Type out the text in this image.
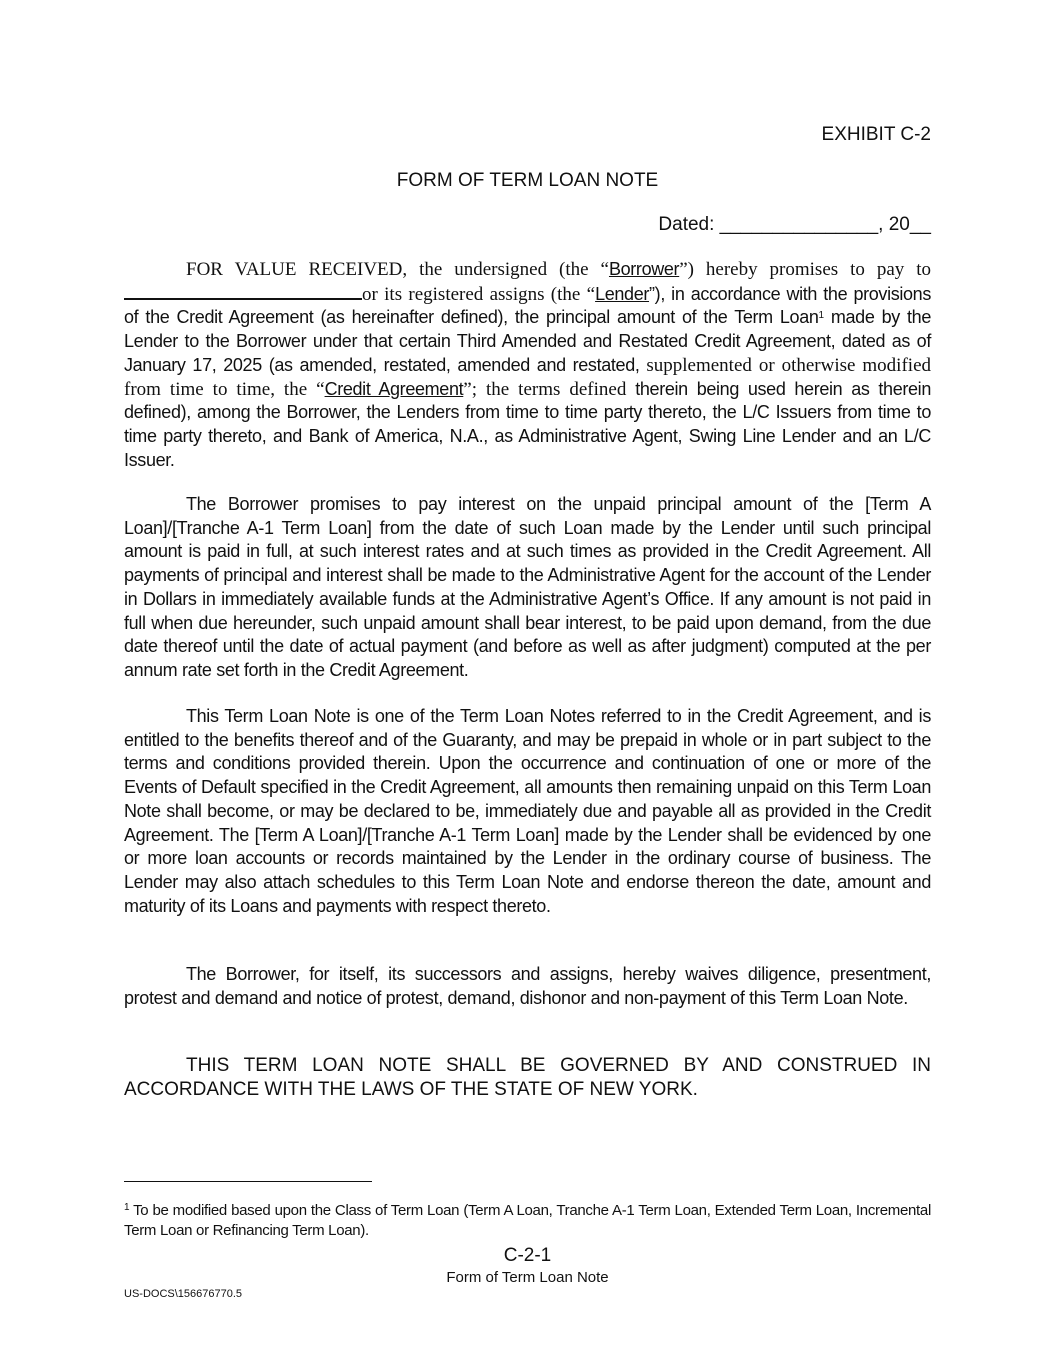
EXHIBIT C-2
FORM OF TERM LOAN NOTE
Dated: _______________, 20__

FOR VALUE RECEIVED, the undersigned (the “Borrower”) hereby promises to pay to or its registered assigns (the “Lender”), in accordance with the provisions of the Credit Agreement (as hereinafter defined), the principal amount of the Term Loan$^1$ made by the Lender to the Borrower under that certain Third Amended and Restated Credit Agreement, dated as of January 17, 2025 (as amended, restated, amended and restated, supplemented or otherwise modified from time to time, the “Credit Agreement”; the terms defined therein being used herein as therein defined), among the Borrower, the Lenders from time to time party thereto, the L/C Issuers from time to time party thereto, and Bank of America, N.A., as Administrative Agent, Swing Line Lender and an L/C Issuer.

The Borrower promises to pay interest on the unpaid principal amount of the [Term A Loan]/[Tranche A-1 Term Loan] from the date of such Loan made by the Lender until such principal amount is paid in full, at such interest rates and at such times as provided in the Credit Agreement. All payments of principal and interest shall be made to the Administrative Agent for the account of the Lender in Dollars in immediately available funds at the Administrative Agent’s Office. If any amount is not paid in full when due hereunder, such unpaid amount shall bear interest, to be paid upon demand, from the due date thereof until the date of actual payment (and before as well as after judgment) computed at the per annum rate set forth in the Credit Agreement.

This Term Loan Note is one of the Term Loan Notes referred to in the Credit Agreement, and is entitled to the benefits thereof and of the Guaranty, and may be prepaid in whole or in part subject to the terms and conditions provided therein. Upon the occurrence and continuation of one or more of the Events of Default specified in the Credit Agreement, all amounts then remaining unpaid on this Term Loan Note shall become, or may be declared to be, immediately due and payable all as provided in the Credit Agreement. The [Term A Loan]/[Tranche A-1 Term Loan] made by the Lender shall be evidenced by one or more loan accounts or records maintained by the Lender in the ordinary course of business. The Lender may also attach schedules to this Term Loan Note and endorse thereon the date, amount and maturity of its Loans and payments with respect thereto.

The Borrower, for itself, its successors and assigns, hereby waives diligence, presentment, protest and demand and notice of protest, demand, dishonor and non-payment of this Term Loan Note.

THIS TERM LOAN NOTE SHALL BE GOVERNED BY AND CONSTRUED IN ACCORDANCE WITH THE LAWS OF THE STATE OF NEW YORK.

$^1$ To be modified based upon the Class of Term Loan (Term A Loan, Tranche A-1 Term Loan, Extended Term Loan, Incremental Term Loan or Refinancing Term Loan).

C-2-1
Form of Term Loan Note
US-DOCS\156676770.5
